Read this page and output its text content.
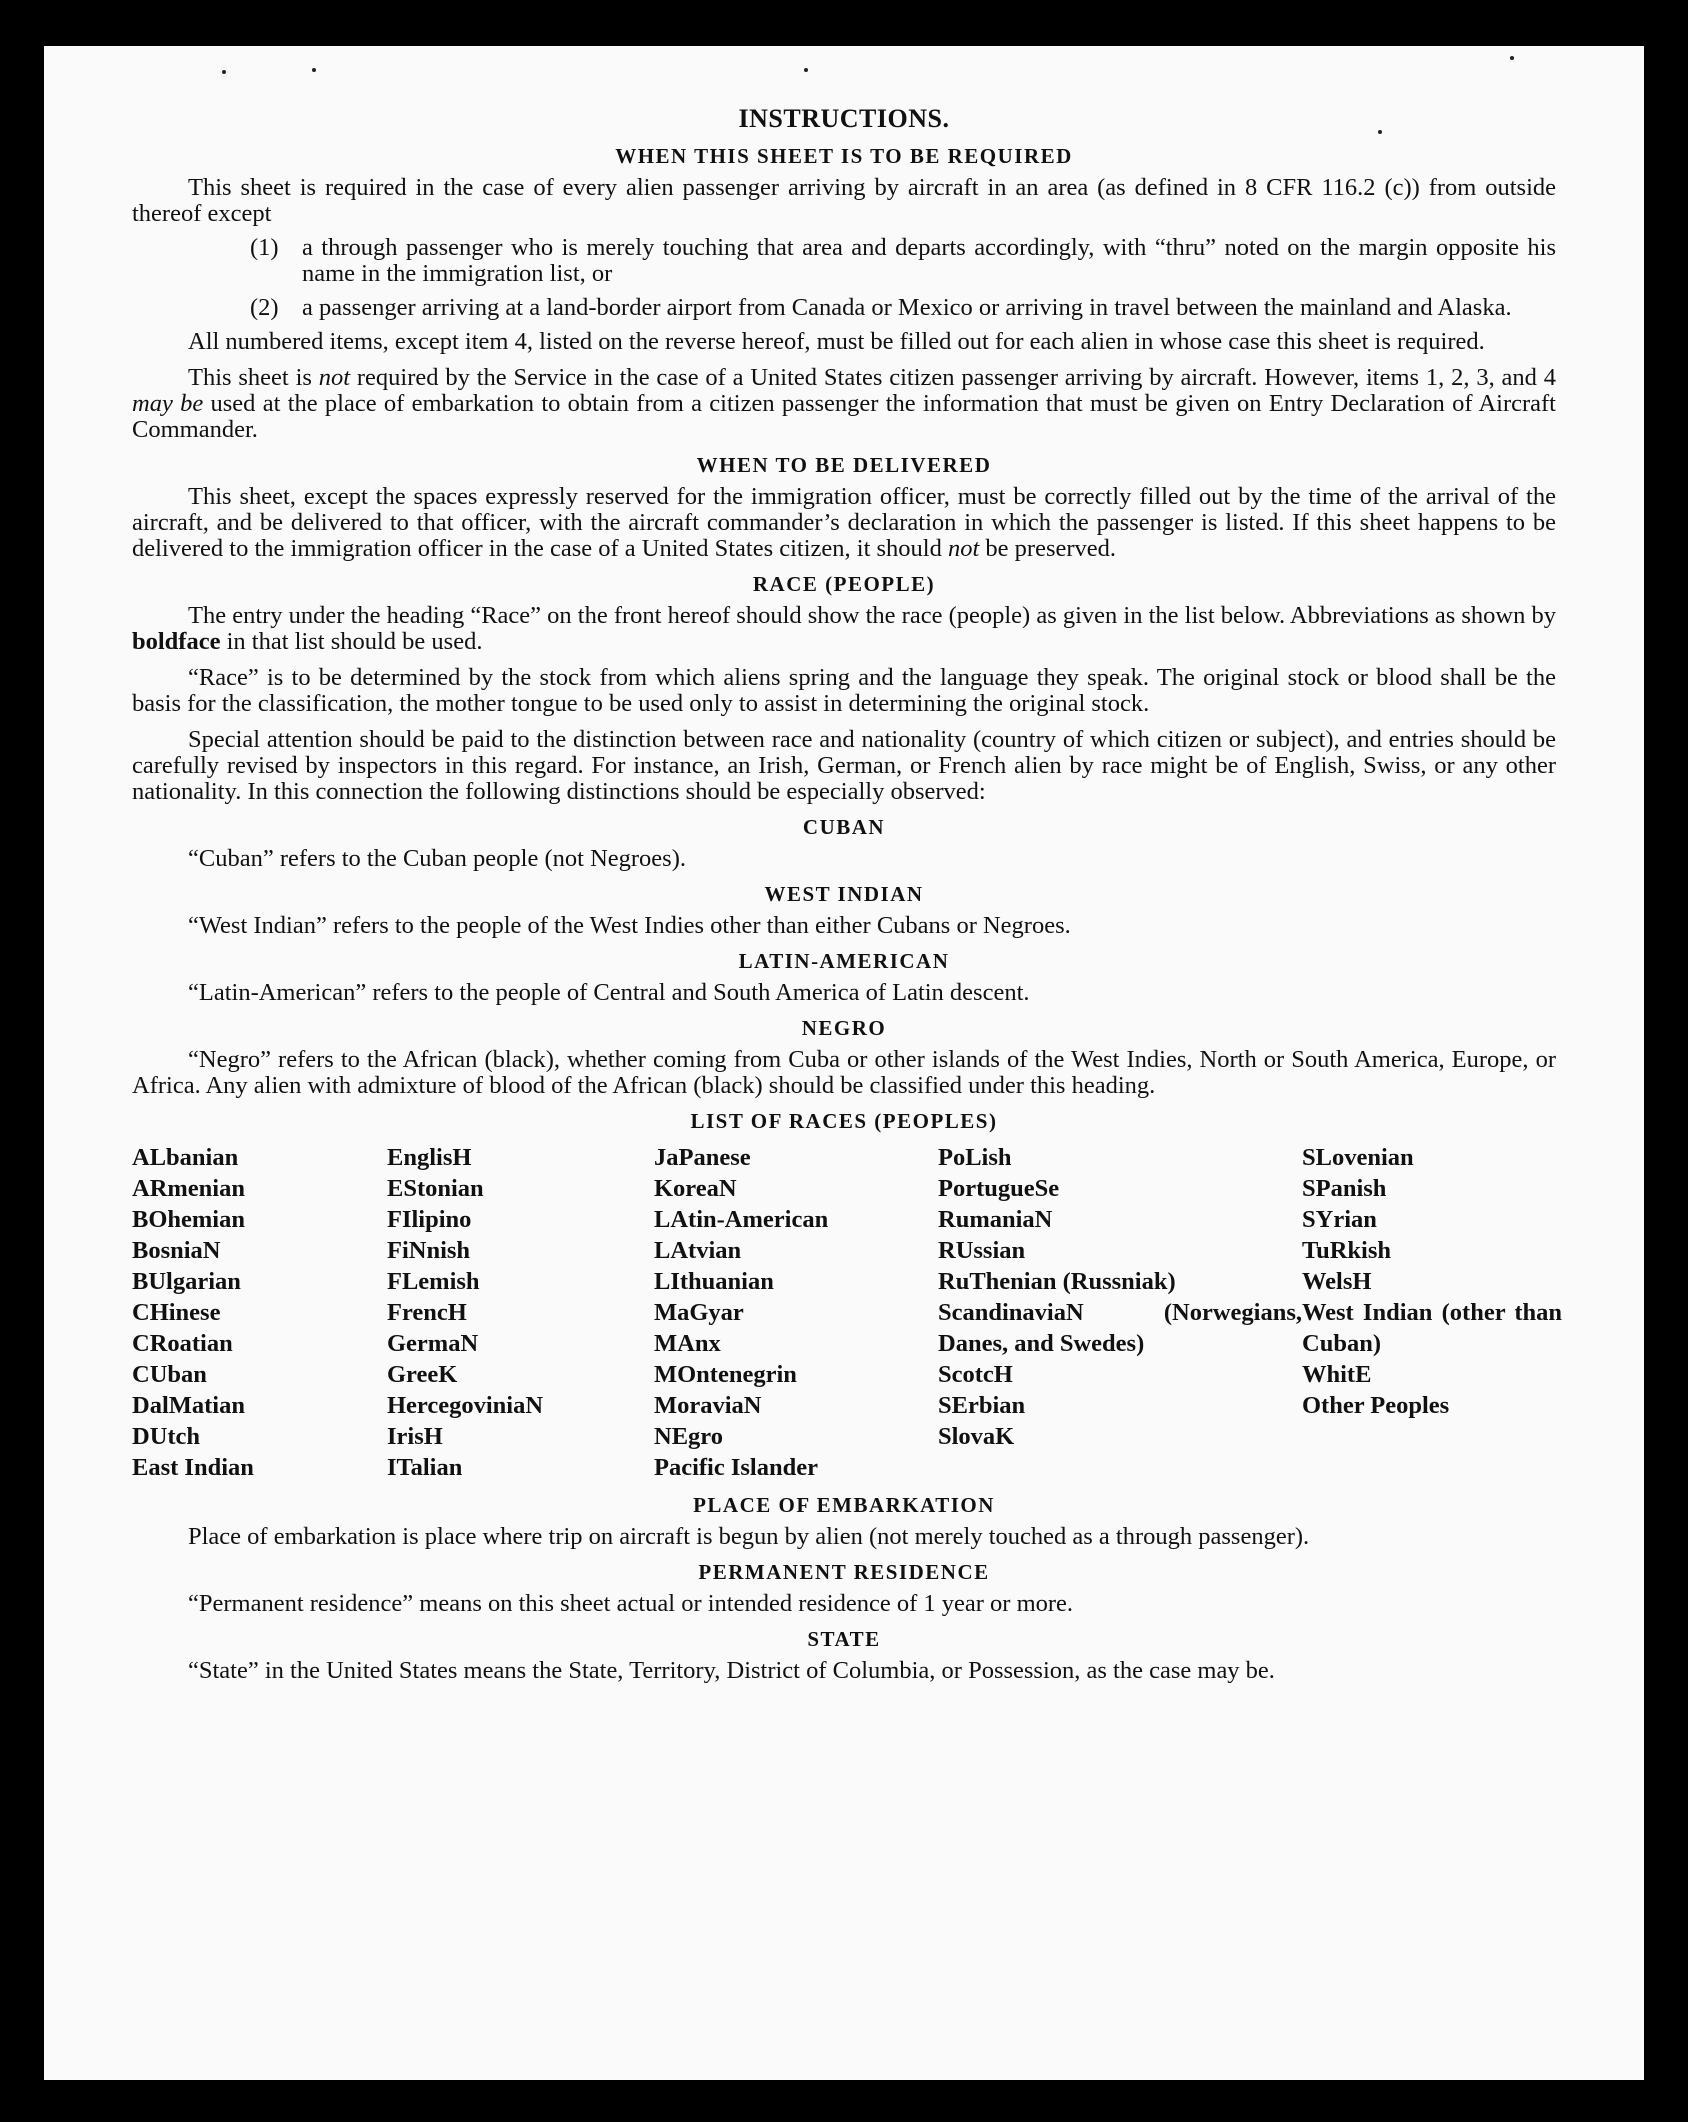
INSTRUCTIONS.
WHEN THIS SHEET IS TO BE REQUIRED

This sheet is required in the case of every alien passenger arriving by aircraft in an area (as defined in 8 CFR 116.2 (c)) from outside thereof except

(1) a through passenger who is merely touching that area and departs accordingly, with “thru” noted on the margin opposite his name in the immigration list, or
(2) a passenger arriving at a land-border airport from Canada or Mexico or arriving in travel between the mainland and Alaska.

All numbered items, except item 4, listed on the reverse hereof, must be filled out for each alien in whose case this sheet is required.

This sheet is not required by the Service in the case of a United States citizen passenger arriving by aircraft. However, items 1, 2, 3, and 4 may be used at the place of embarkation to obtain from a citizen passenger the information that must be given on Entry Declaration of Aircraft Commander.

WHEN TO BE DELIVERED

This sheet, except the spaces expressly reserved for the immigration officer, must be correctly filled out by the time of the arrival of the aircraft, and be delivered to that officer, with the aircraft commander’s declaration in which the passenger is listed. If this sheet happens to be delivered to the immigration officer in the case of a United States citizen, it should not be preserved.

RACE (PEOPLE)

The entry under the heading “Race” on the front hereof should show the race (people) as given in the list below. Abbreviations as shown by boldface in that list should be used.

“Race” is to be determined by the stock from which aliens spring and the language they speak. The original stock or blood shall be the basis for the classification, the mother tongue to be used only to assist in determining the original stock.

Special attention should be paid to the distinction between race and nationality (country of which citizen or subject), and entries should be carefully revised by inspectors in this regard. For instance, an Irish, German, or French alien by race might be of English, Swiss, or any other nationality. In this connection the following distinctions should be especially observed:

CUBAN

“Cuban” refers to the Cuban people (not Negroes).

WEST INDIAN

“West Indian” refers to the people of the West Indies other than either Cubans or Negroes.

LATIN-AMERICAN

“Latin-American” refers to the people of Central and South America of Latin descent.

NEGRO

“Negro” refers to the African (black), whether coming from Cuba or other islands of the West Indies, North or South America, Europe, or Africa. Any alien with admixture of blood of the African (black) should be classified under this heading.

LIST OF RACES (PEOPLES)
ALbanian
ARmenian
BOhemian
BosniaN
BUlgarian
CHinese
CRoatian
CUban
DalMatian
DUtch
East Indian
EnglisH
EStonian
FIlipino
FiNnish
FLemish
FrencH
GermaN
GreeK
HercegoviniaN
IrisH
ITalian
JaPanese
KoreaN
LAtin-American
LAtvian
LIthuanian
MaGyar
MAnx
MOntenegrin
MoraviaN
NEgro
Pacific Islander
PoLish
PortugueSe
RumaniaN
RUssian
RuThenian (Russniak)
ScandinaviaN (Norwegians, Danes, and Swedes)
ScotcH
SErbian
SlovaK
SLovenian
SPanish
SYrian
TuRkish
WelsH
West Indian (other than Cuban)
WhitE
Other Peoples
PLACE OF EMBARKATION

Place of embarkation is place where trip on aircraft is begun by alien (not merely touched as a through passenger).

PERMANENT RESIDENCE

“Permanent residence” means on this sheet actual or intended residence of 1 year or more.

STATE

“State” in the United States means the State, Territory, District of Columbia, or Possession, as the case may be.
